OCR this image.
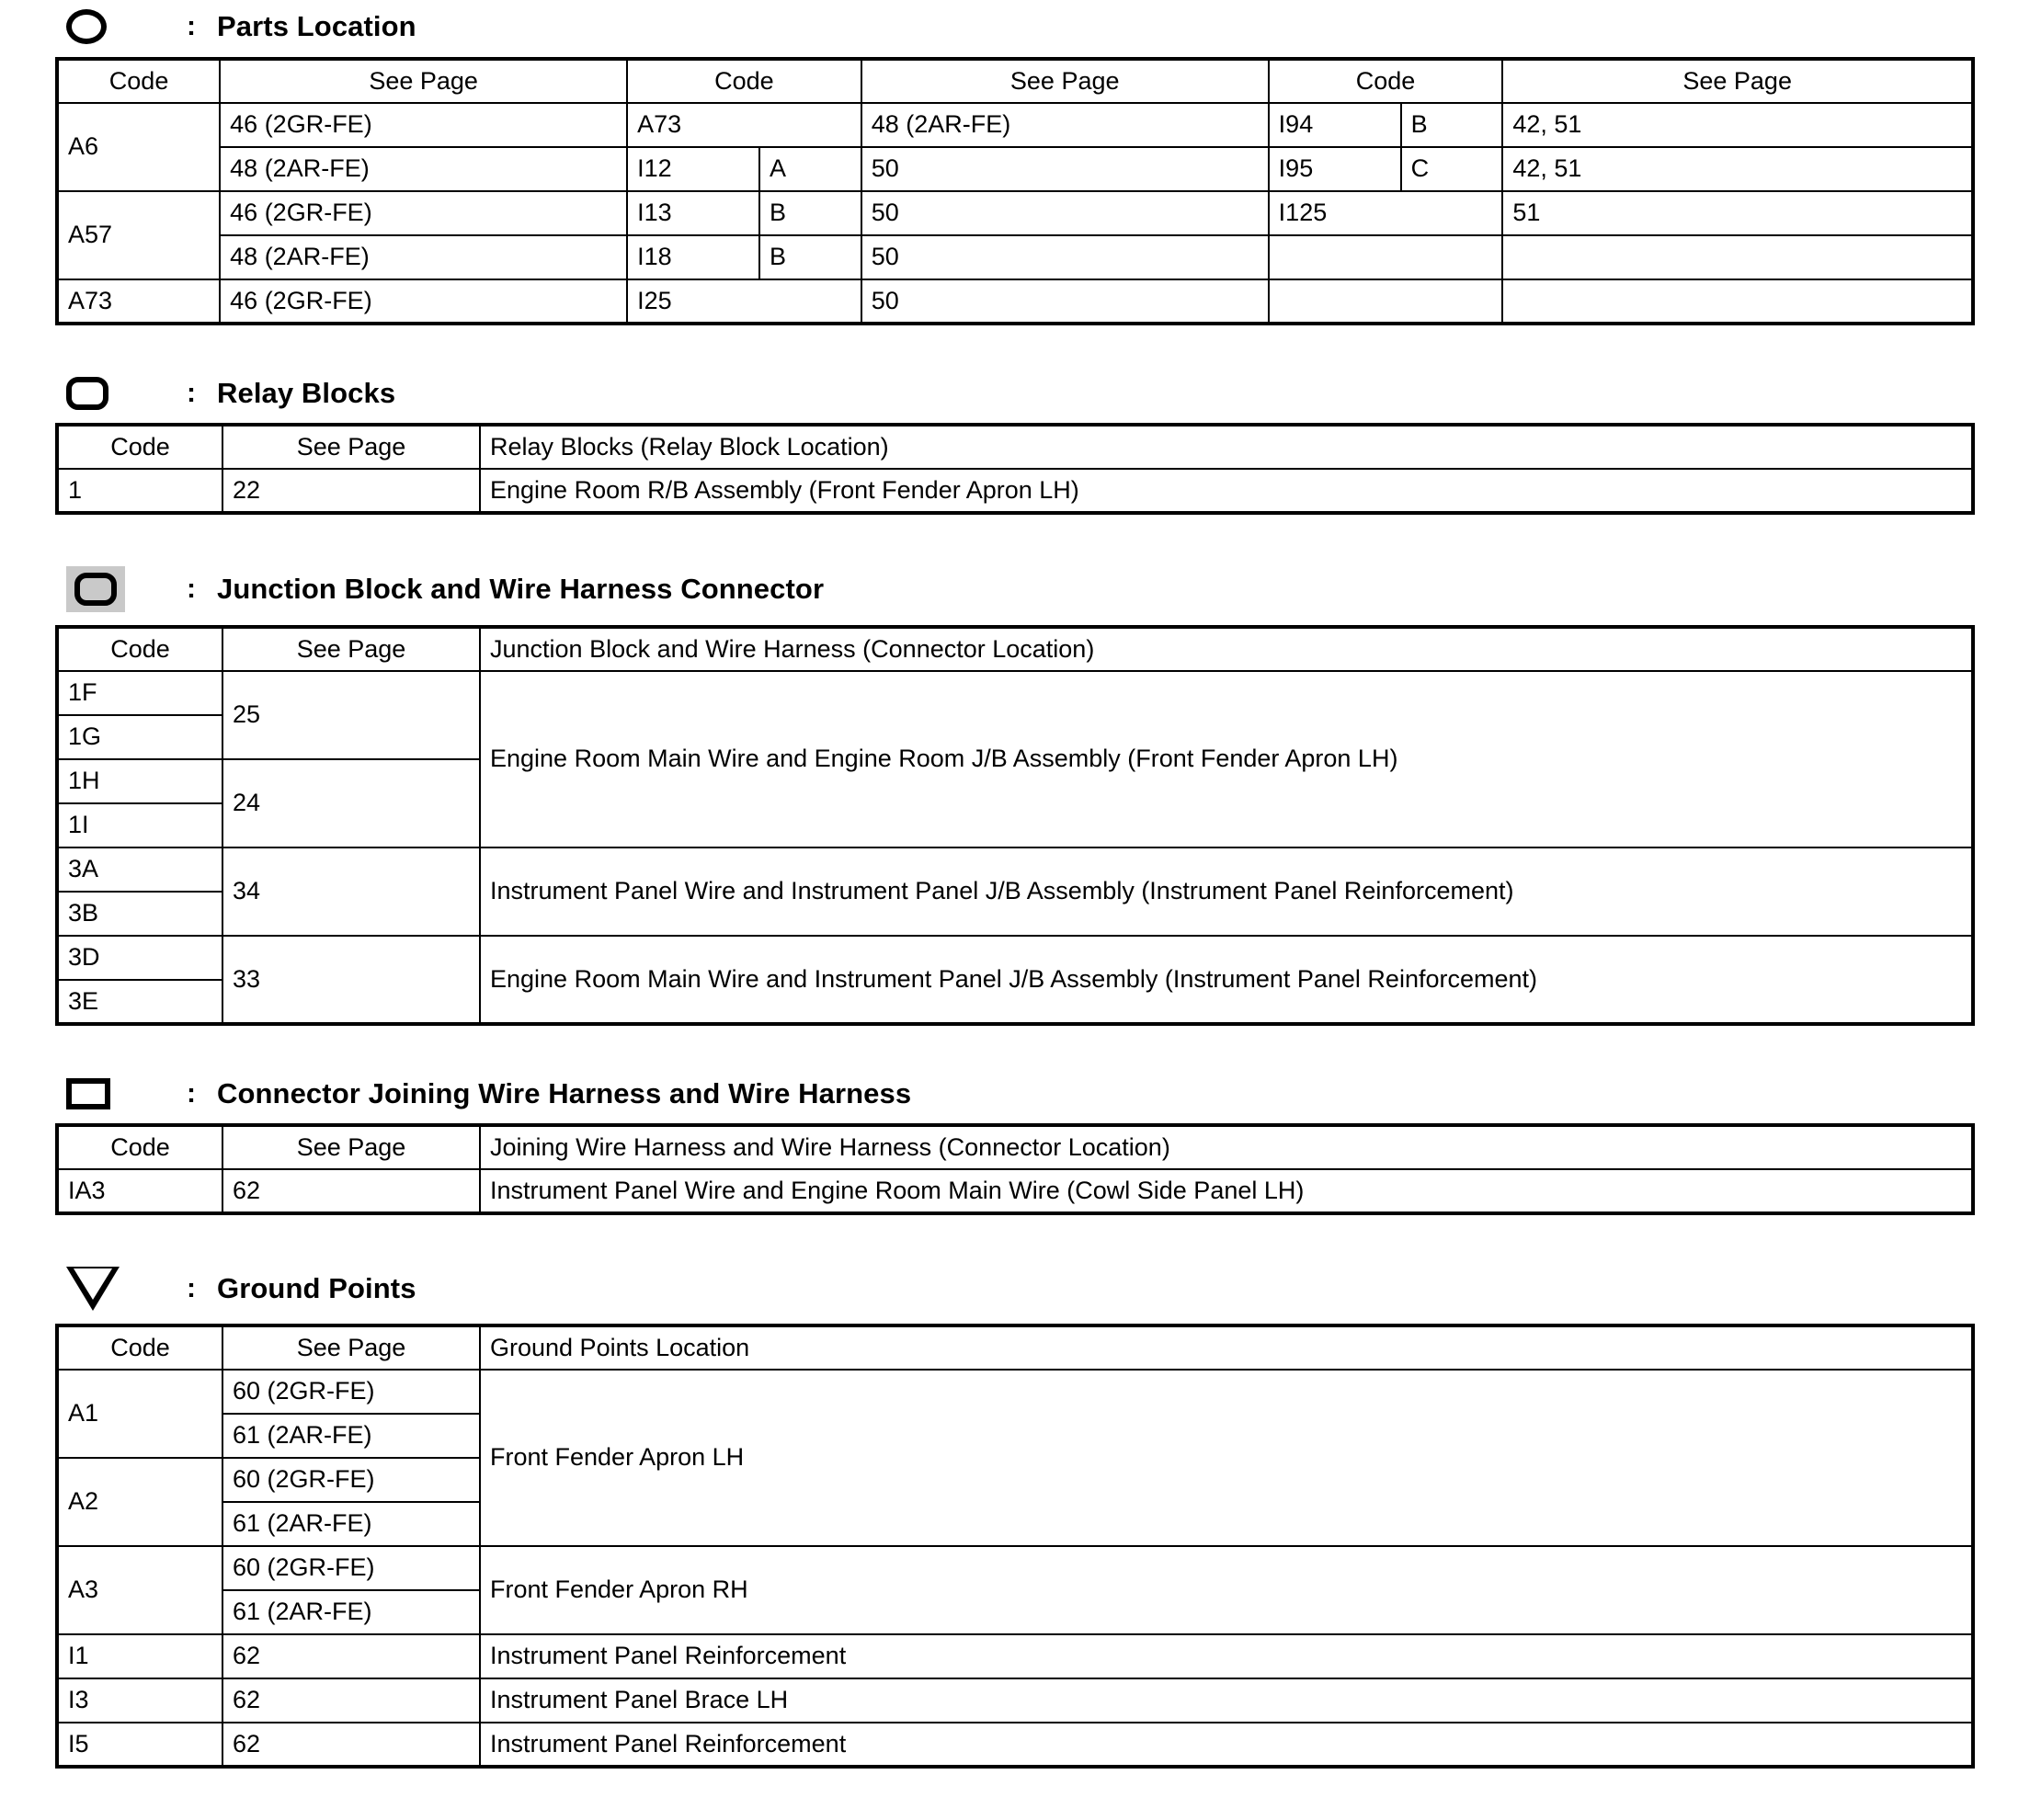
: Parts Location
Code	See Page	Code		See Page	Code		See Page
A6	46 (2GR-FE)	A73		48 (2AR-FE)	I94	B	42, 51
	48 (2AR-FE)	I12	A	50	I95	C	42, 51
A57	46 (2GR-FE)	I13	B	50	I125		51
	48 (2AR-FE)	I18	B	50			
A73	46 (2GR-FE)	I25		50			
: Relay Blocks
Code	See Page	Relay Blocks (Relay Block Location)
1	22	Engine Room R/B Assembly (Front Fender Apron LH)
: Junction Block and Wire Harness Connector
Code	See Page	Junction Block and Wire Harness (Connector Location)
1F	25	Engine Room Main Wire and Engine Room J/B Assembly (Front Fender Apron LH)
1G		
1H	24	
1I		
3A	34	Instrument Panel Wire and Instrument Panel J/B Assembly (Instrument Panel Reinforcement)
3B		
3D	33	Engine Room Main Wire and Instrument Panel J/B Assembly (Instrument Panel Reinforcement)
3E		
: Connector Joining Wire Harness and Wire Harness
Code	See Page	Joining Wire Harness and Wire Harness (Connector Location)
IA3	62	Instrument Panel Wire and Engine Room Main Wire (Cowl Side Panel LH)
: Ground Points
Code	See Page	Ground Points Location
A1	60 (2GR-FE)	Front Fender Apron LH
	61 (2AR-FE)	
A2	60 (2GR-FE)	
	61 (2AR-FE)	
A3	60 (2GR-FE)	Front Fender Apron RH
	61 (2AR-FE)	
I1	62	Instrument Panel Reinforcement
I3	62	Instrument Panel Brace LH
I5	62	Instrument Panel Reinforcement
